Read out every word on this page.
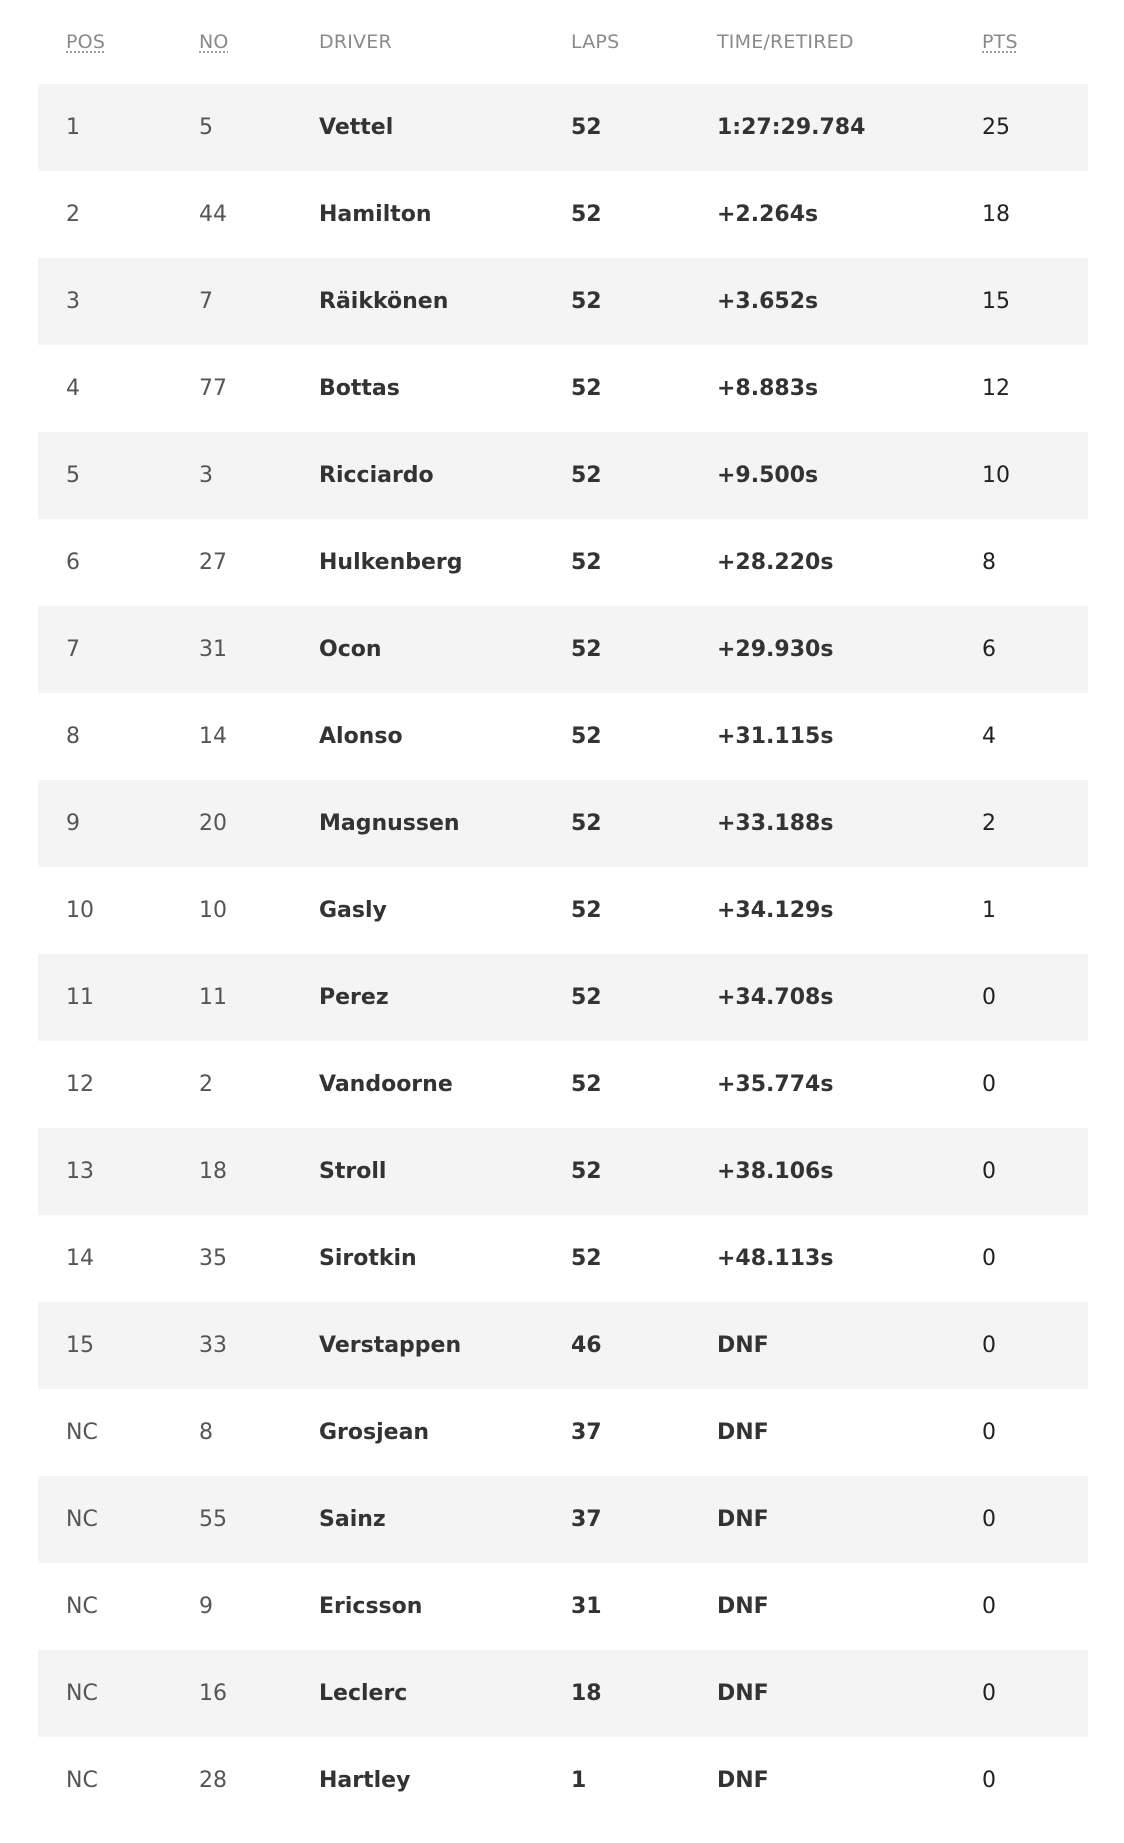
POS	NO	DRIVER	LAPS	TIME/RETIRED	PTS
1	5	Vettel	52	1:27:29.784	25
2	44	Hamilton	52	+2.264s	18
3	7	Räikkönen	52	+3.652s	15
4	77	Bottas	52	+8.883s	12
5	3	Ricciardo	52	+9.500s	10
6	27	Hulkenberg	52	+28.220s	8
7	31	Ocon	52	+29.930s	6
8	14	Alonso	52	+31.115s	4
9	20	Magnussen	52	+33.188s	2
10	10	Gasly	52	+34.129s	1
11	11	Perez	52	+34.708s	0
12	2	Vandoorne	52	+35.774s	0
13	18	Stroll	52	+38.106s	0
14	35	Sirotkin	52	+48.113s	0
15	33	Verstappen	46	DNF	0
NC	8	Grosjean	37	DNF	0
NC	55	Sainz	37	DNF	0
NC	9	Ericsson	31	DNF	0
NC	16	Leclerc	18	DNF	0
NC	28	Hartley	1	DNF	0
